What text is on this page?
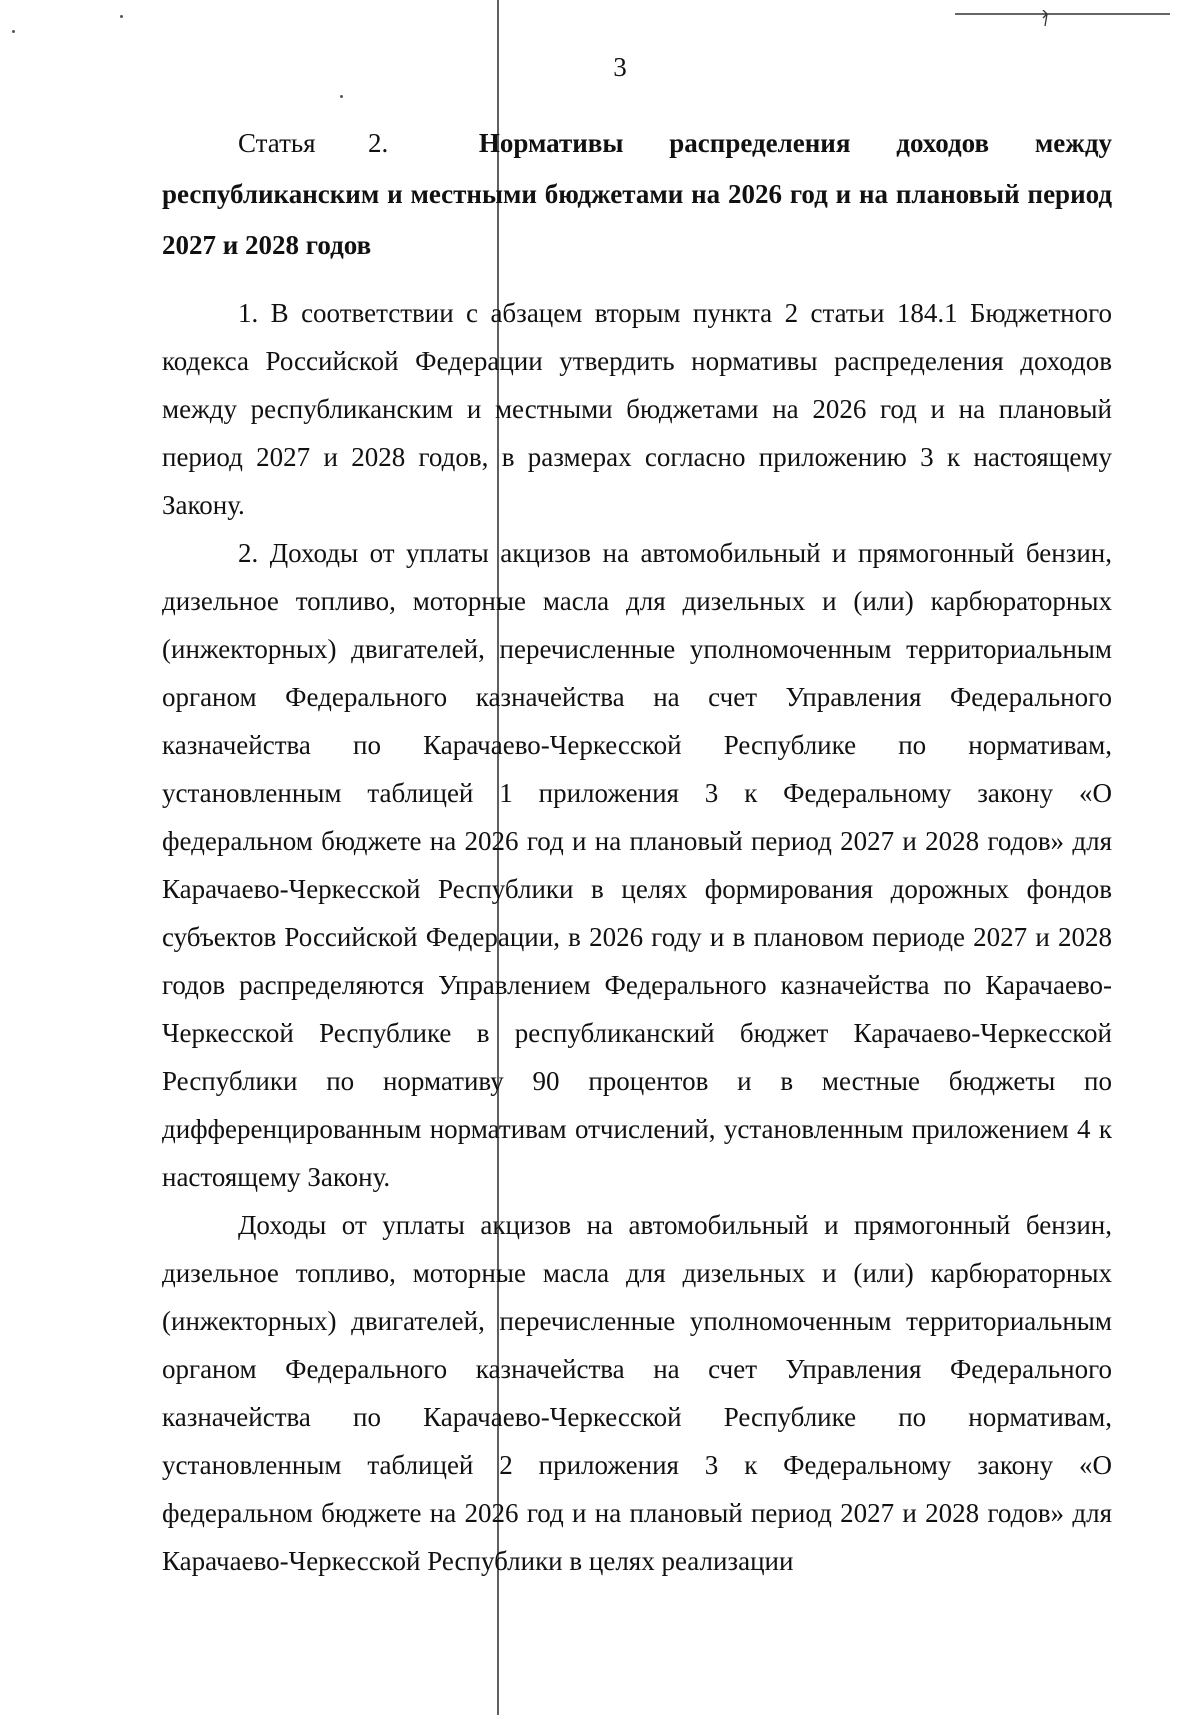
3

Статья 2.	Нормативы распределения доходов между республиканским и местными бюджетами на 2026 год и на плановый период 2027 и 2028 годов

1. В соответствии с абзацем вторым пункта 2 статьи 184.1 Бюджетного кодекса Российской Федерации утвердить нормативы распределения доходов между республиканским и местными бюджетами на 2026 год и на плановый период 2027 и 2028 годов, в размерах согласно приложению 3 к настоящему Закону.

2. Доходы от уплаты акцизов на автомобильный и прямогонный бензин, дизельное топливо, моторные масла для дизельных и (или) карбюраторных (инжекторных) двигателей, перечисленные уполномоченным территориальным органом Федерального казначейства на счет Управления Федерального казначейства по Карачаево-Черкесской Республике по нормативам, установленным таблицей 1 приложения 3 к Федеральному закону «О федеральном бюджете на 2026 год и на плановый период 2027 и 2028 годов» для Карачаево-Черкесской Республики в целях формирования дорожных фондов субъектов Российской Федерации, в 2026 году и в плановом периоде 2027 и 2028 годов распределяются Управлением Федерального казначейства по Карачаево-Черкесской Республике в республиканский бюджет Карачаево-Черкесской Республики по нормативу 90 процентов и в местные бюджеты по дифференцированным нормативам отчислений, установленным приложением 4 к настоящему Закону.

Доходы от уплаты акцизов на автомобильный и прямогонный бензин, дизельное топливо, моторные масла для дизельных и (или) карбюраторных (инжекторных) двигателей, перечисленные уполномоченным территориальным органом Федерального казначейства на счет Управления Федерального казначейства по Карачаево-Черкесской Республике по нормативам, установленным таблицей 2 приложения 3 к Федеральному закону «О федеральном бюджете на 2026 год и на плановый период 2027 и 2028 годов» для Карачаево-Черкесской Республики в целях реализации
